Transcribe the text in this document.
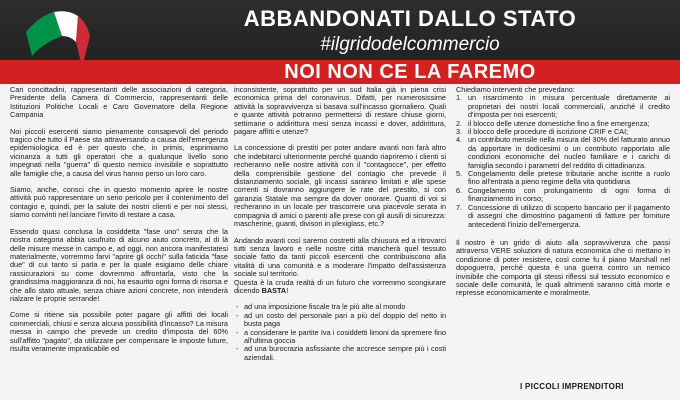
ABBANDONATI DALLO STATO
#ilgridodelcommercio
NOI NON CE LA FAREMO

Cari concittadini, rappresentanti delle associazioni di categoria, Presidente della Camera di Commercio, rappresentanti delle Istituzioni Politiche Locali e Caro Governatore della Regione Campania

Noi piccoli esercenti siamo pienamente consapevoli del periodo tragico che tutto il Paese sta attraversando a causa dell'emergenza epidemiologica ed è per questo che, in primis, esprimiamo vicinanza a tutti gli operatori che a qualunque livello sono impegnati nella "guerra" di questo nemico invisibile e soprattutto alle famiglie che, a causa del virus hanno perso un loro caro.

Siamo, anche, consci che in questo momento aprire le nostre attività può rappresentare un serio pericolo per il contenimento del contagio e, quindi, per la salute dei nostri clienti e per noi stessi, siamo convinti nel lanciare l'invito di restare a casa.

Essendo quasi conclusa la cosiddetta "fase uno" senza che la nostra categoria abbia usufruito di alcuno aiuto concreto, al di là delle misure messe in campo e, ad oggi, non ancora manifestatesi materialmente, vorremmo farvi "aprire gli occhi" sulla faticida "fase due" di cui tanto si parla e per la quale esigiamo delle chiare rassicurazioni su come dovremmo affrontarla, visto che la grandissima maggioranza di noi, ha esaurito ogni forma di risorsa e che allo stato attuale, senza chiare azioni concrete, non intenderà rialzare le proprie serrande!

Come si ritiene sia possibile poter pagare gli affitti dei locali commerciali, chiusi e senza alcuna possibilità d'incasso? La misura messa in campo che prevede un credito d'imposta del 60% sull'affitto "pagato", da utilizzare per compensare le imposte future, risulta veramente impraticabile ed

inconsistente, soprattutto per un sud Italia già in piena crisi economica prima del coronavirus. Difatti, per numerosissime attività la sopravvivenza si basava sull'incasso giornaliero. Quali e quante attività potranno permettersi di restare chiuse giorni, settimane o addirittura mesi senza incassi e dover, addirittura, pagare affitti e utenze?

La concessione di prestiti per poter andare avanti non farà altro che indebitarci ulteriormente perché quando riapriremo i clienti si recheranno nelle nostre attività con il "contagocce", per effetto della comprensibile gestione del contagio che prevede il distanziamento sociale, gli incassi saranno limitati e alle spese correnti si dovranno aggiungere le rate del prestito, si con garanzia Statale ma sempre da dover onorare. Quanti di voi si recheranno in un locale per trascorrere una piacevole serata in compagnia di amici o parenti alle prese con gli ausili di sicurezza: mascherine, guanti, divisori in plexiglass, etc.?

Andando avanti così saremo costretti alla chiusura ed a ritrovarci tutti senza lavoro e nelle nostre città mancherà quel tessuto sociale fatto da tanti piccoli esercenti che contribuiscono alla vitalità di una comunità e a moderare l'impatto dell'assistenza sociale sul territorio.

Questa è la cruda realtà di un futuro che vorremmo scongiurare dicendo BASTA!

- ad una imposizione fiscale tra le più alte al mondo
- ad un costo del personale pari a più del doppio del netto in busta paga
- a considerare le partite Iva i cosiddetti limoni da spremere fino all'ultima goccia
- ad una burocrazia asfissiante che accresce sempre più i costi aziendali.

Chiediamo interventi che prevedano:

1. un risarcimento in misura percentuale direttamente ai proprietari dei nostri locali commerciali, anziché il credito d'imposta per noi esercenti;
2. il blocco delle utenze domestiche fino a fine emergenza;
3. il blocco delle procedure di iscrizione CRIF e CAI;
4. un contributo mensile nella misura del 30% del fatturato annuo da apportare in dodicesimi o un contributo rapportato alle condizioni economiche del nucleo familiare e i carichi di famiglia secondo i parametri del reddito di cittadinanza.
5. Congelamento delle pretese tributarie anche iscritte a ruolo fino all'entrata a pieno regime della vita quotidiana
6. Congelamento con prolungamento di ogni forma di finanziamento in corso;
7. Concessione di utilizzo di scoperto bancario per il pagamento di assegni che dimostrino pagamenti di fatture per forniture antecedenti l'inizio dell'emergenza.

Il nostro è un grido di aiuto alla sopravvivenza che passi attraverso VERE soluzioni di natura economica che ci mettano in condizione di poter resistere, così come fu il piano Marshall nel dopoguerra, perché questa è una guerra contro un nemico invisibile che comporta gli stessi riflessi sul tessuto economico e sociale delle comunità, le quali altrimenti saranno città morte e represse economicamente e moralmente.

I PICCOLI IMPRENDITORI
